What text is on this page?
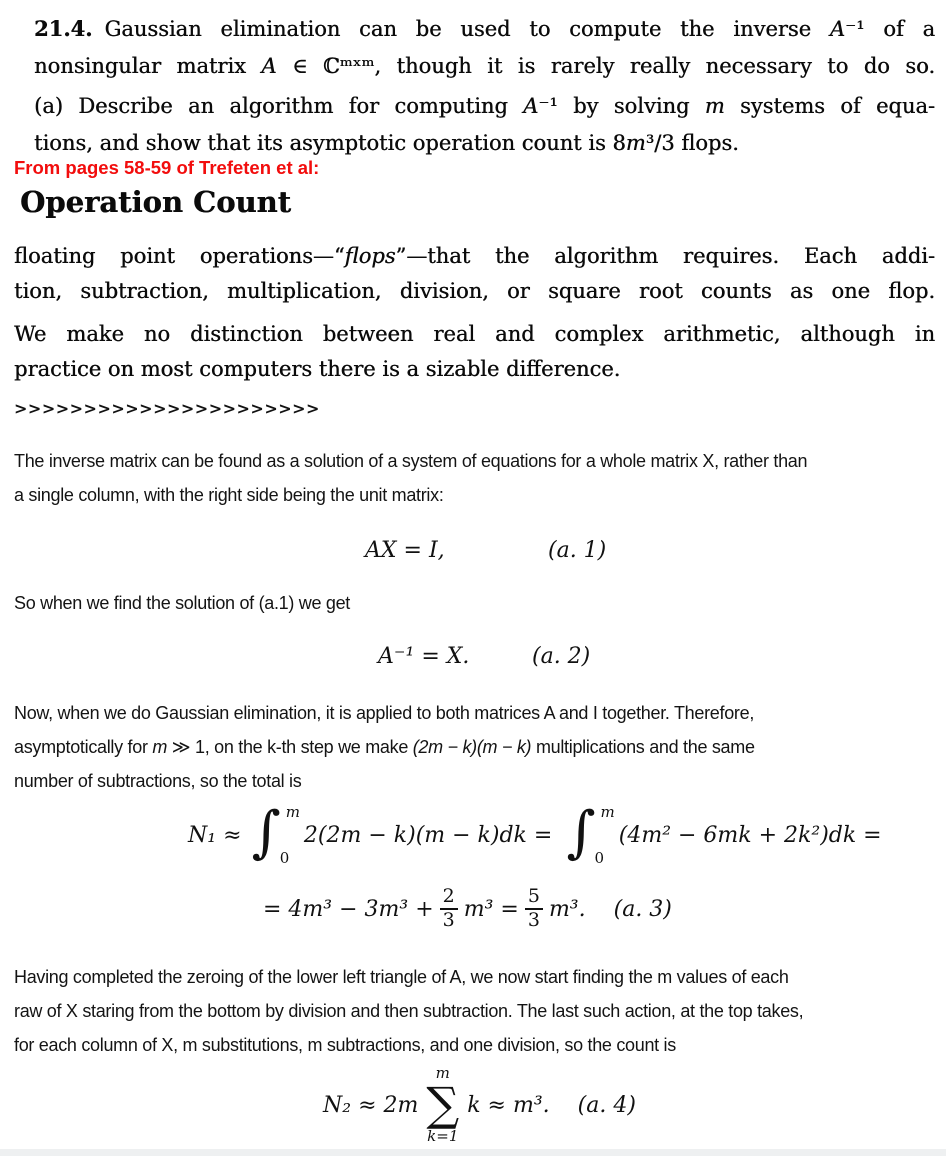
21.4. Gaussian elimination can be used to compute the inverse A⁻¹ of a
nonsingular matrix A ∈ ℂᵐˣᵐ, though it is rarely really necessary to do so.
(a) Describe an algorithm for computing A⁻¹ by solving m systems of equa-
tions, and show that its asymptotic operation count is 8m³/3 flops.
From pages 58-59 of Trefeten et al:
Operation Count
floating point operations—“flops”—that the algorithm requires. Each addi-
tion, subtraction, multiplication, division, or square root counts as one flop.
We make no distinction between real and complex arithmetic, although in
practice on most computers there is a sizable difference.
>>>>>>>>>>>>>>>>>>>>>>
The inverse matrix can be found as a solution of a system of equations for a whole matrix X, rather than
a single column, with the right side being the unit matrix:
AX = I,	(a. 1)
So when we find the solution of (a.1) we get
A⁻¹ = X.	(a. 2)
Now, when we do Gaussian elimination, it is applied to both matrices A and I together. Therefore,
asymptotically for m ≫ 1, on the k-th step we make (2m − k)(m − k) multiplications and the same
number of subtractions, so the total is
N₁ ≈ ∫ m
0
2(2m − k)(m − k)dk = ∫ m
0
(4m² − 6mk + 2k²)dk =
= $4m^3 - 3m^3 + \frac{2}{3} m^3 = \frac{5}{3} m^3$. (a. 3)
Having completed the zeroing of the lower left triangle of A, we now start finding the m values of each
raw of X staring from the bottom by division and then subtraction. The last such action, at the top takes,
for each column of X, m substitutions, m subtractions, and one division, so the count is
N₂ ≈ 2m
m
∑
k=1
k ≈ m³. (a. 4)
